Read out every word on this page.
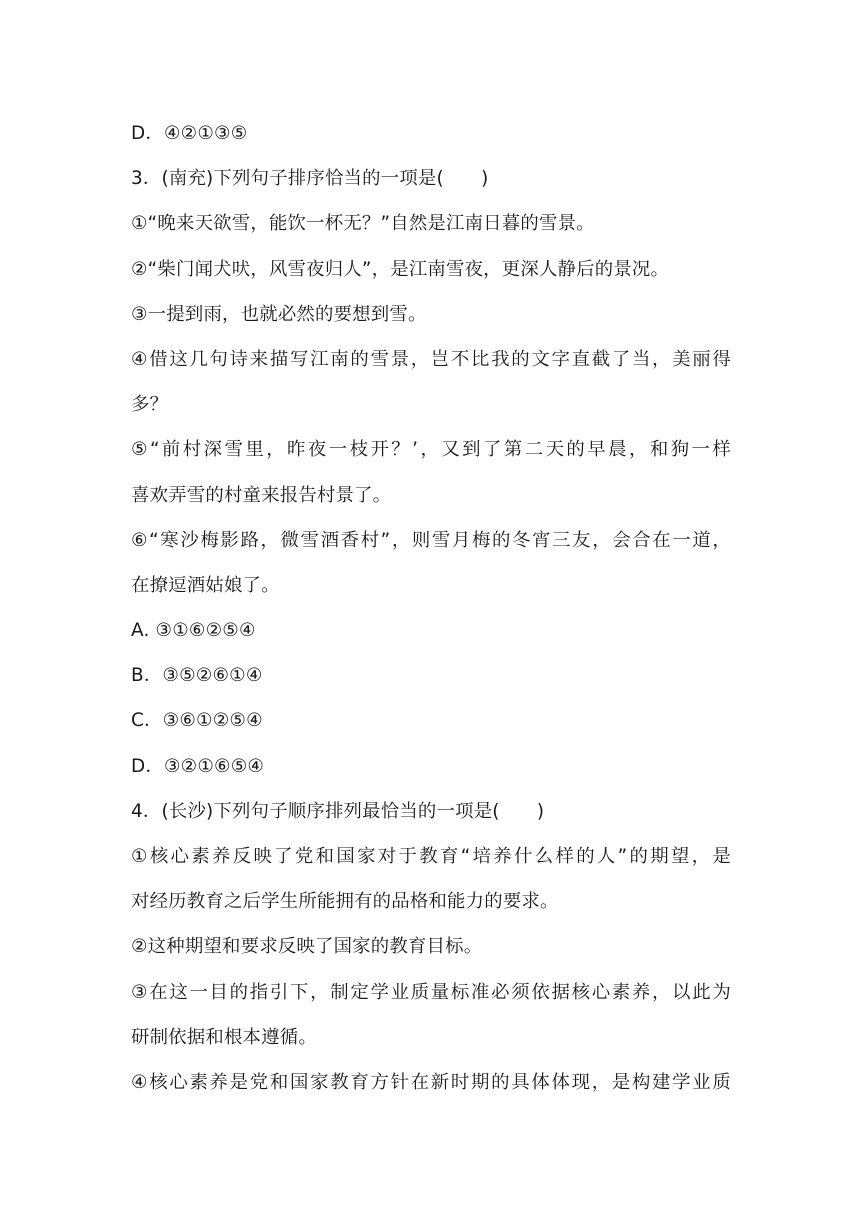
D．④②①③⑤
3．(南充)下列句子排序恰当的一项是(　　)
①“晚来天欲雪，能饮一杯无？”自然是江南日暮的雪景。
②“柴门闻犬吠，风雪夜归人”，是江南雪夜，更深人静后的景况。
③一提到雨，也就必然的要想到雪。
④借这几句诗来描写江南的雪景，岂不比我的文字直截了当，美丽得
多？
⑤“前村深雪里，昨夜一枝开？’，又到了第二天的早晨，和狗一样
喜欢弄雪的村童来报告村景了。
⑥“寒沙梅影路，微雪酒香村”，则雪月梅的冬宵三友，会合在一道，
在撩逗酒姑娘了。
A. ③①⑥②⑤④
B．③⑤②⑥①④
C．③⑥①②⑤④
D．③②①⑥⑤④
4．(长沙)下列句子顺序排列最恰当的一项是(　　)
①核心素养反映了党和国家对于教育“培养什么样的人”的期望，是
对经历教育之后学生所能拥有的品格和能力的要求。
②这种期望和要求反映了国家的教育目标。
③在这一目的指引下，制定学业质量标准必须依据核心素养，以此为
研制依据和根本遵循。
④核心素养是党和国家教育方针在新时期的具体体现，是构建学业质
